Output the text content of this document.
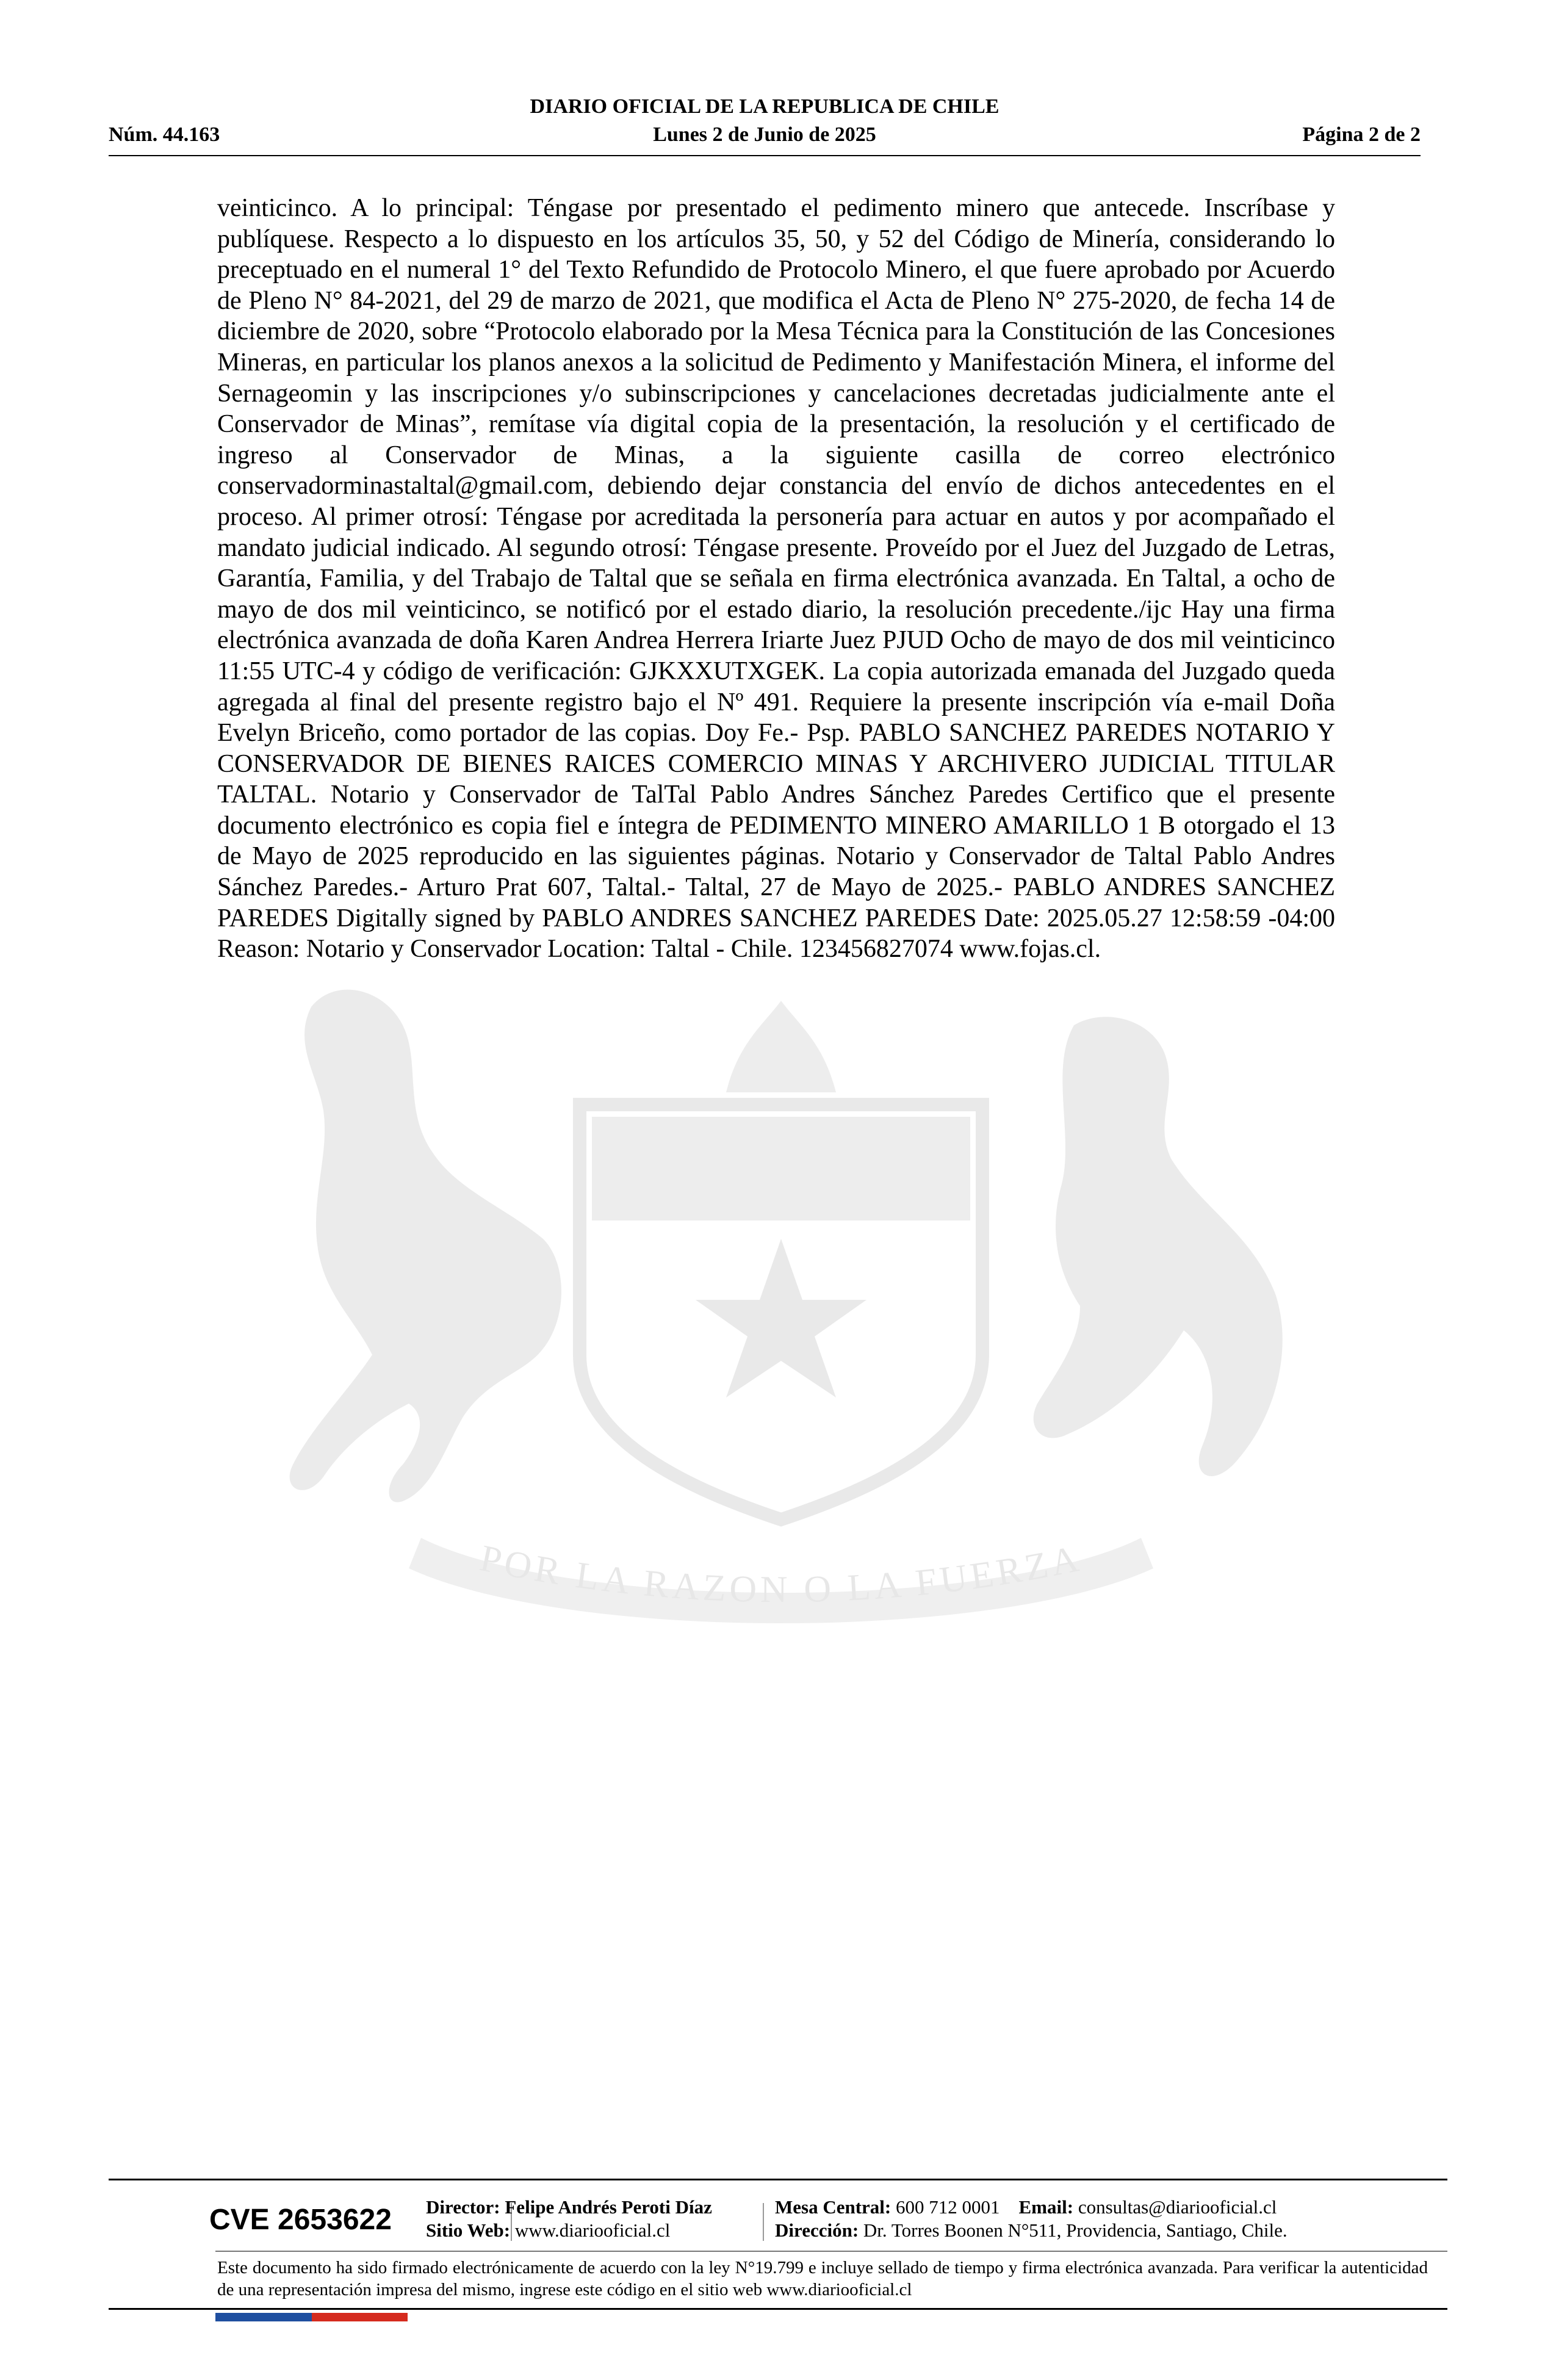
DIARIO OFICIAL DE LA REPUBLICA DE CHILE
Núm. 44.163	Lunes 2 de Junio de 2025	Página 2 de 2
POR LA RAZON O LA FUERZA
veinticinco. A lo principal: Téngase por presentado el pedimento minero que antecede. Inscríbase y publíquese. Respecto a lo dispuesto en los artículos 35, 50, y 52 del Código de Minería, considerando lo preceptuado en el numeral 1° del Texto Refundido de Protocolo Minero, el que fuere aprobado por Acuerdo de Pleno N° 84-2021, del 29 de marzo de 2021, que modifica el Acta de Pleno N° 275-2020, de fecha 14 de diciembre de 2020, sobre “Protocolo elaborado por la Mesa Técnica para la Constitución de las Concesiones Mineras, en particular los planos anexos a la solicitud de Pedimento y Manifestación Minera, el informe del Sernageomin y las inscripciones y/o subinscripciones y cancelaciones decretadas judicialmente ante el Conservador de Minas”, remítase vía digital copia de la presentación, la resolución y el certificado de ingreso al Conservador de Minas, a la siguiente casilla de correo electrónico conservadorminastaltal@gmail.com, debiendo dejar constancia del envío de dichos antecedentes en el proceso. Al primer otrosí: Téngase por acreditada la personería para actuar en autos y por acompañado el mandato judicial indicado. Al segundo otrosí: Téngase presente. Proveído por el Juez del Juzgado de Letras, Garantía, Familia, y del Trabajo de Taltal que se señala en firma electrónica avanzada. En Taltal, a ocho de mayo de dos mil veinticinco, se notificó por el estado diario, la resolución precedente./ijc Hay una firma electrónica avanzada de doña Karen Andrea Herrera Iriarte Juez PJUD Ocho de mayo de dos mil veinticinco 11:55 UTC-4 y código de verificación: GJKXXUTXGEK. La copia autorizada emanada del Juzgado queda agregada al final del presente registro bajo el Nº 491. Requiere la presente inscripción vía e-mail Doña Evelyn Briceño, como portador de las copias. Doy Fe.- Psp. PABLO SANCHEZ PAREDES NOTARIO Y CONSERVADOR DE BIENES RAICES COMERCIO MINAS Y ARCHIVERO JUDICIAL TITULAR TALTAL. Notario y Conservador de TalTal Pablo Andres Sánchez Paredes Certifico que el presente documento electrónico es copia fiel e íntegra de PEDIMENTO MINERO AMARILLO 1 B otorgado el 13 de Mayo de 2025 reproducido en las siguientes páginas. Notario y Conservador de Taltal Pablo Andres Sánchez Paredes.- Arturo Prat 607, Taltal.- Taltal, 27 de Mayo de 2025.- PABLO ANDRES SANCHEZ PAREDES Digitally signed by PABLO ANDRES SANCHEZ PAREDES Date: 2025.05.27 12:58:59 -04:00 Reason: Notario y Conservador Location: Taltal - Chile. 123456827074 www.fojas.cl.
CVE 2653622 Director: Felipe Andrés Peroti Díaz
Sitio Web: www.diariooficial.cl
Mesa Central: 600 712 0001 Email: consultas@diariooficial.cl
Dirección: Dr. Torres Boonen N°511, Providencia, Santiago, Chile.
Este documento ha sido firmado electrónicamente de acuerdo con la ley N°19.799 e incluye sellado de tiempo y firma electrónica avanzada. Para verificar la autenticidad de una representación impresa del mismo, ingrese este código en el sitio web www.diariooficial.cl
